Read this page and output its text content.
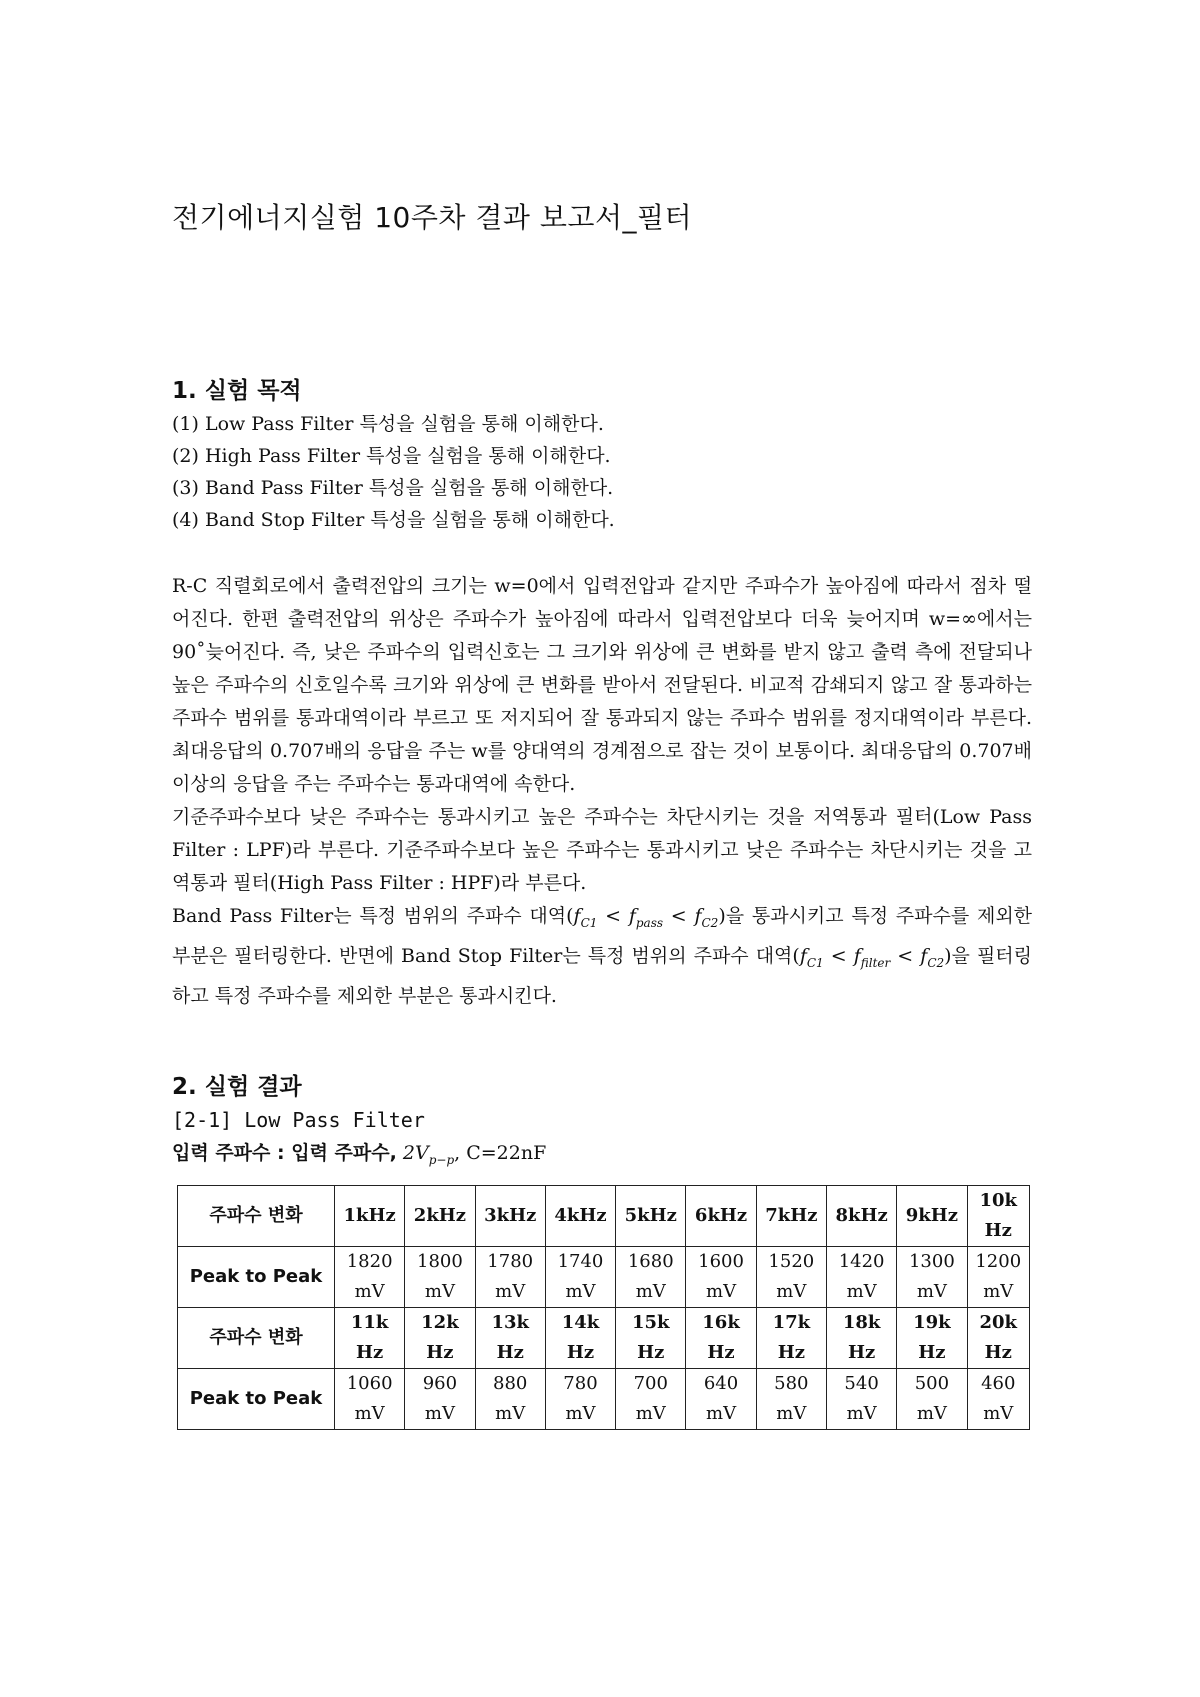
전기에너지실험 10주차 결과 보고서_필터
1. 실험 목적
(1) Low Pass Filter 특성을 실험을 통해 이해한다.
(2) High Pass Filter 특성을 실험을 통해 이해한다.
(3) Band Pass Filter 특성을 실험을 통해 이해한다.
(4) Band Stop Filter 특성을 실험을 통해 이해한다.

R-C 직렬회로에서 출력전압의 크기는 w=0에서 입력전압과 같지만 주파수가 높아짐에 따라서 점차 떨어진다. 한편 출력전압의 위상은 주파수가 높아짐에 따라서 입력전압보다 더욱 늦어지며 w=∞에서는 90˚늦어진다. 즉, 낮은 주파수의 입력신호는 그 크기와 위상에 큰 변화를 받지 않고 출력 측에 전달되나 높은 주파수의 신호일수록 크기와 위상에 큰 변화를 받아서 전달된다. 비교적 감쇄되지 않고 잘 통과하는 주파수 범위를 통과대역이라 부르고 또 저지되어 잘 통과되지 않는 주파수 범위를 정지대역이라 부른다. 최대응답의 0.707배의 응답을 주는 w를 양대역의 경계점으로 잡는 것이 보통이다. 최대응답의 0.707배 이상의 응답을 주는 주파수는 통과대역에 속한다.

기준주파수보다 낮은 주파수는 통과시키고 높은 주파수는 차단시키는 것을 저역통과 필터(Low Pass Filter : LPF)라 부른다. 기준주파수보다 높은 주파수는 통과시키고 낮은 주파수는 차단시키는 것을 고역통과 필터(High Pass Filter : HPF)라 부른다.

Band Pass Filter는 특정 범위의 주파수 대역$(f_{C1} < f_{pass} < f_{C2})$을 통과시키고 특정 주파수를 제외한 부분은 필터링한다. 반면에 Band Stop Filter는 특정 범위의 주파수 대역$(f_{C1} < f_{filter} < f_{C2})$을 필터링하고 특정 주파수를 제외한 부분은 통과시킨다.

2. 실험 결과
[2-1] Low Pass Filter
입력 주파수 : 입력 주파수, $2V_{p-p}$, C=22nF
주파수 변화	1kHz	2kHz	3kHz	4kHz	5kHz	6kHz	7kHz	8kHz	9kHz	10k
Hz
Peak to Peak	1820
mV	1800
mV	1780
mV	1740
mV	1680
mV	1600
mV	1520
mV	1420
mV	1300
mV	1200
mV
주파수 변화	11k
Hz	12k
Hz	13k
Hz	14k
Hz	15k
Hz	16k
Hz	17k
Hz	18k
Hz	19k
Hz	20k
Hz
Peak to Peak	1060
mV	960
mV	880
mV	780
mV	700
mV	640
mV	580
mV	540
mV	500
mV	460
mV
